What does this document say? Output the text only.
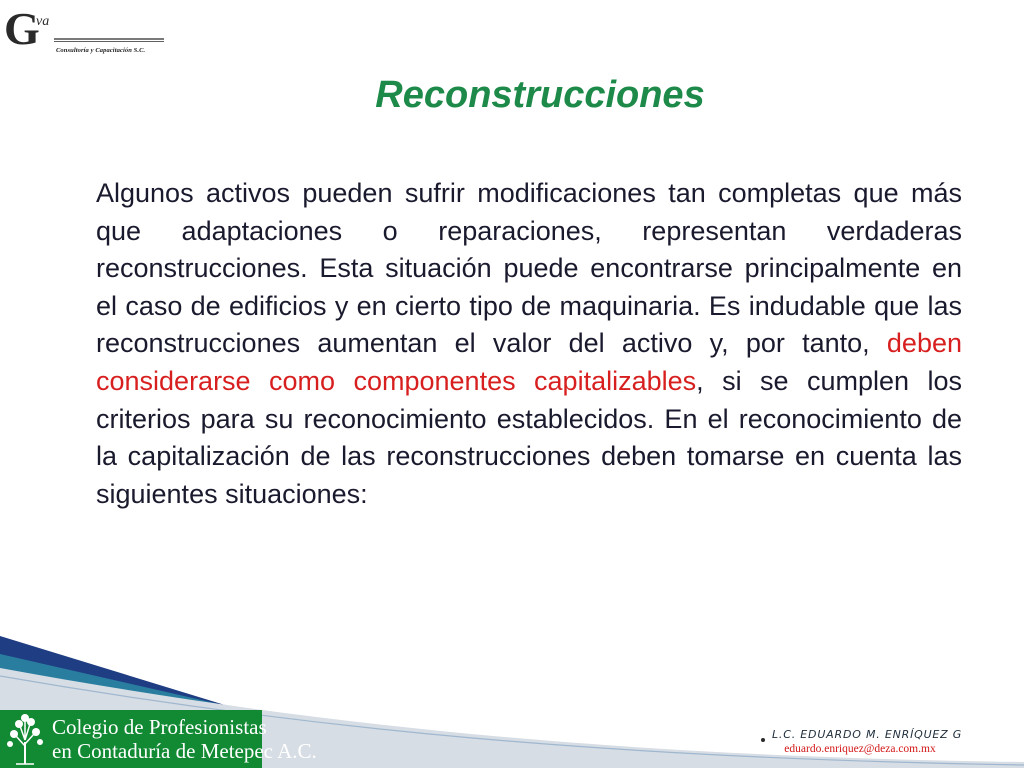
G
va
Consultoría y Capacitación S.C.
Reconstrucciones

Algunos activos pueden sufrir modificaciones tan completas que más que adaptaciones o reparaciones, representan verdaderas reconstrucciones. Esta situación puede encontrarse principalmente en el caso de edificios y en cierto tipo de maquinaria. Es indudable que las reconstrucciones aumentan el valor del activo y, por tanto, deben considerarse como componentes capitalizables, si se cumplen los criterios para su reconocimiento establecidos. En el reconocimiento de la capitalización de las reconstrucciones deben tomarse en cuenta las siguientes situaciones:

Colegio de Profesionistas
en Contaduría de Metepec A.C.
L.C. EDUARDO M. ENRÍQUEZ G
eduardo.enriquez@deza.com.mx
